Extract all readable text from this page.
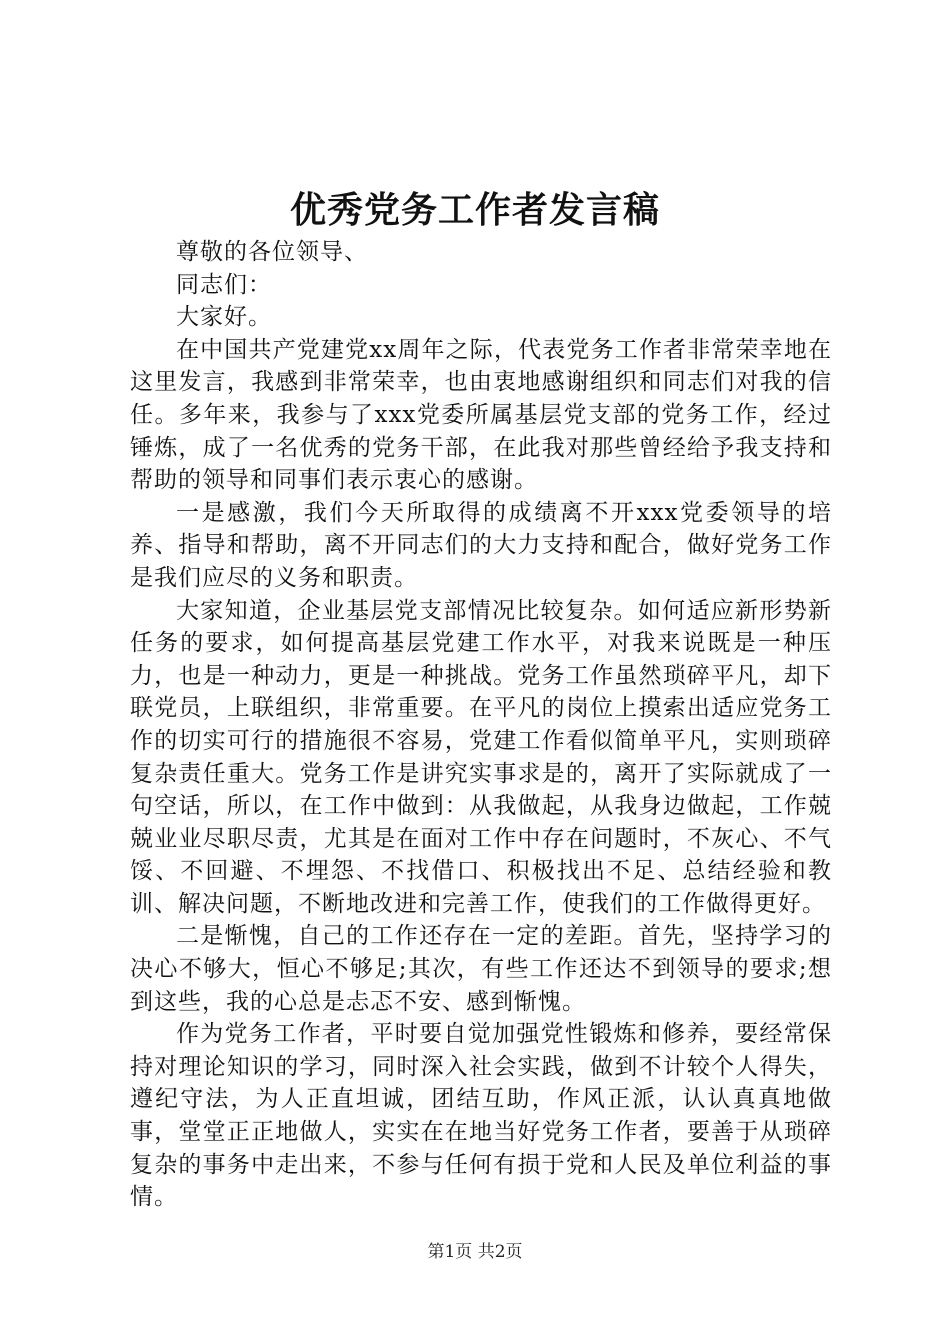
优秀党务工作者发言稿

尊敬的各位领导、

同志们：

大家好。

在中国共产党建党xx周年之际，代表党务工作者非常荣幸地在这里发言，我感到非常荣幸，也由衷地感谢组织和同志们对我的信任。多年来，我参与了xxx党委所属基层党支部的党务工作，经过锤炼，成了一名优秀的党务干部，在此我对那些曾经给予我支持和帮助的领导和同事们表示衷心的感谢。

一是感激，我们今天所取得的成绩离不开xxx党委领导的培养、指导和帮助，离不开同志们的大力支持和配合，做好党务工作是我们应尽的义务和职责。

大家知道，企业基层党支部情况比较复杂。如何适应新形势新任务的要求，如何提高基层党建工作水平，对我来说既是一种压力，也是一种动力，更是一种挑战。党务工作虽然琐碎平凡，却下联党员，上联组织，非常重要。在平凡的岗位上摸索出适应党务工作的切实可行的措施很不容易，党建工作看似简单平凡，实则琐碎复杂责任重大。党务工作是讲究实事求是的，离开了实际就成了一句空话，所以，在工作中做到：从我做起，从我身边做起，工作兢兢业业尽职尽责，尤其是在面对工作中存在问题时，不灰心、不气馁、不回避、不埋怨、不找借口、积极找出不足、总结经验和教训、解决问题，不断地改进和完善工作，使我们的工作做得更好。

二是惭愧，自己的工作还存在一定的差距。首先，坚持学习的决心不够大，恒心不够足;其次，有些工作还达不到领导的要求;想到这些，我的心总是忐忑不安、感到惭愧。

作为党务工作者，平时要自觉加强党性锻炼和修养，要经常保持对理论知识的学习，同时深入社会实践，做到不计较个人得失，遵纪守法，为人正直坦诚，团结互助，作风正派，认认真真地做事，堂堂正正地做人，实实在在地当好党务工作者，要善于从琐碎复杂的事务中走出来，不参与任何有损于党和人民及单位利益的事情。

第1页 共2页
